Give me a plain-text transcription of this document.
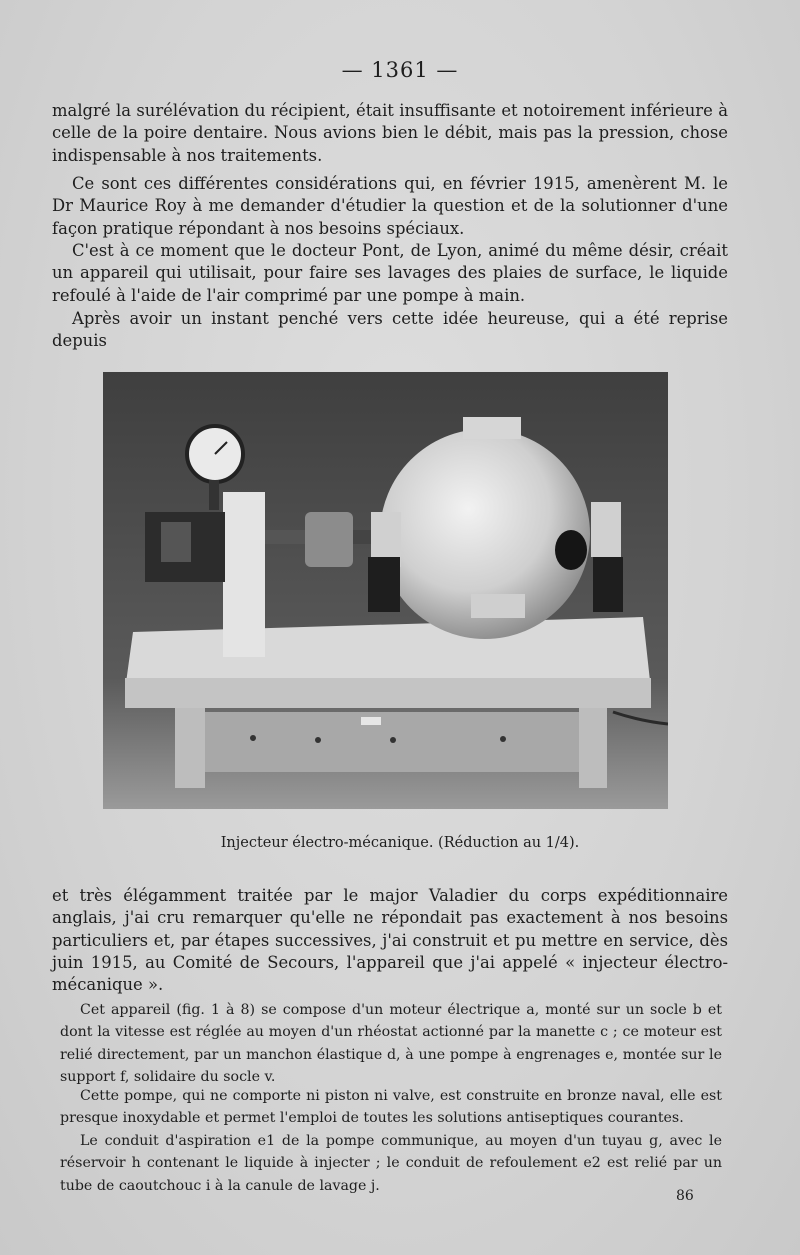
— 1361 —

malgré la surélévation du récipient, était insuffisante et notoirement inférieure à celle de la poire dentaire. Nous avions bien le débit, mais pas la pression, chose indispensable à nos traitements.

Ce sont ces différentes considérations qui, en février 1915, amenèrent M. le Dr Maurice Roy à me demander d'étudier la question et de la solutionner d'une façon pratique répondant à nos besoins spéciaux.

C'est à ce moment que le docteur Pont, de Lyon, animé du même désir, créait un appareil qui utilisait, pour faire ses lavages des plaies de surface, le liquide refoulé à l'aide de l'air comprimé par une pompe à main.

Après avoir un instant penché vers cette idée heureuse, qui a été reprise depuis

Injecteur électro-mécanique. (Réduction au 1/4).

et très élégamment traitée par le major Valadier du corps expéditionnaire anglais, j'ai cru remarquer qu'elle ne répondait pas exactement à nos besoins particuliers et, par étapes successives, j'ai construit et pu mettre en service, dès juin 1915, au Comité de Secours, l'appareil que j'ai appelé « injecteur électro-mécanique ».

Cet appareil (fig. 1 à 8) se compose d'un moteur électrique a, monté sur un socle b et dont la vitesse est réglée au moyen d'un rhéostat actionné par la manette c ; ce moteur est relié directement, par un manchon élastique d, à une pompe à engrenages e, montée sur le support f, solidaire du socle v.

Cette pompe, qui ne comporte ni piston ni valve, est construite en bronze naval, elle est presque inoxydable et permet l'emploi de toutes les solutions antiseptiques courantes.

Le conduit d'aspiration e1 de la pompe communique, au moyen d'un tuyau g, avec le réservoir h contenant le liquide à injecter ; le conduit de refoulement e2 est relié par un tube de caoutchouc i à la canule de lavage j.

86
